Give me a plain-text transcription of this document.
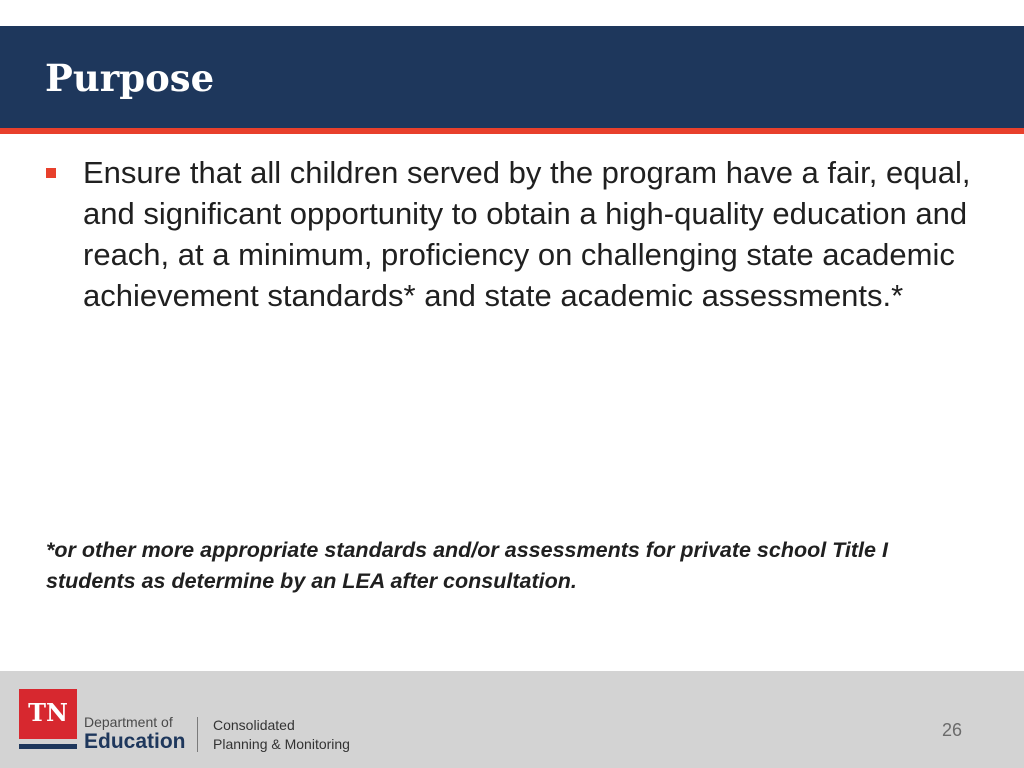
Purpose

Ensure that all children served by the program have a fair, equal, and significant opportunity to obtain a high-quality education and reach, at a minimum, proficiency on challenging state academic achievement standards* and state academic assessments.*

*or other more appropriate standards and/or assessments for private school Title I students as determine by an LEA after consultation.

TN	Department of
Education
Consolidated
Planning & Monitoring
26
